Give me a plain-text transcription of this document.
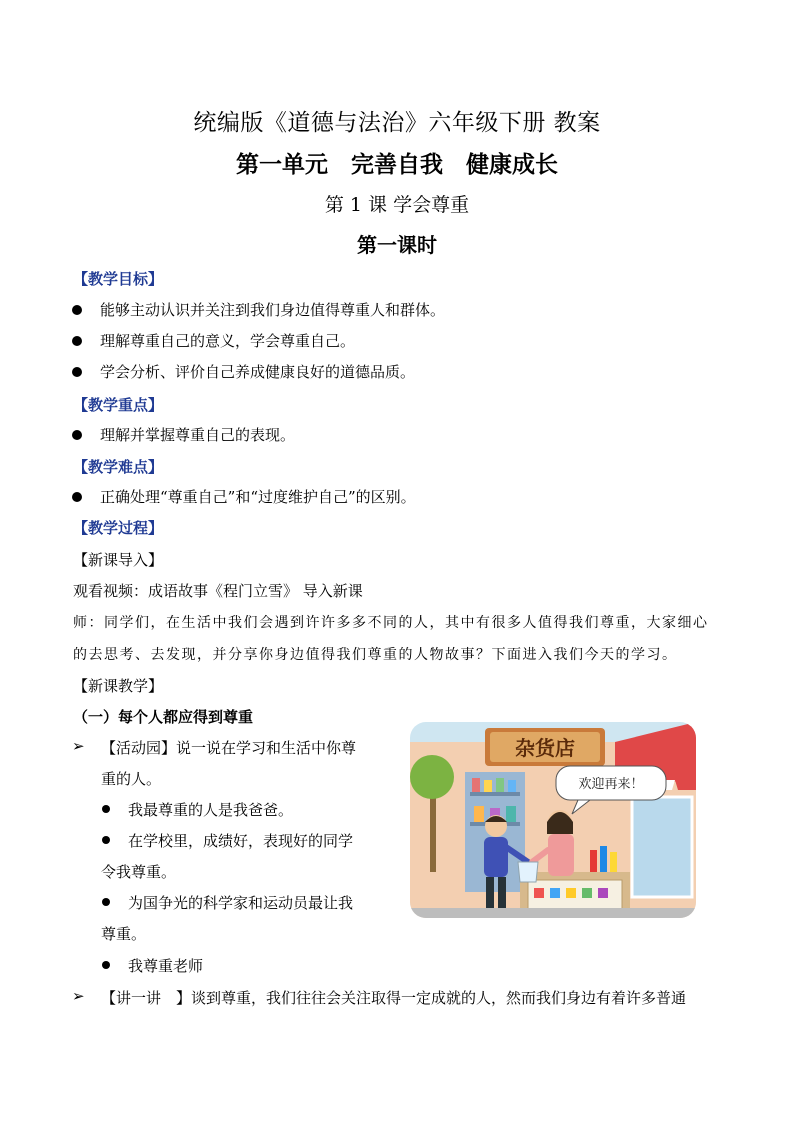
统编版《道德与法治》六年级下册 教案
第一单元　完善自我　健康成长
第 1 课 学会尊重
第一课时
【教学目标】
能够主动认识并关注到我们身边值得尊重人和群体。
理解尊重自己的意义，学会尊重自己。
学会分析、评价自己养成健康良好的道德品质。
【教学重点】
理解并掌握尊重自己的表现。
【教学难点】
正确处理“尊重自己”和“过度维护自己”的区别。
【教学过程】
【新课导入】
观看视频：成语故事《程门立雪》 导入新课
师：同学们，在生活中我们会遇到许许多多不同的人，其中有很多人值得我们尊重，大家细心
的去思考、去发现，并分享你身边值得我们尊重的人物故事？下面进入我们今天的学习。
【新课教学】
（一）每个人都应得到尊重
➢ 【活动园】说一说在学习和生活中你尊
重的人。
我最尊重的人是我爸爸。
在学校里，成绩好，表现好的同学
令我尊重。
为国争光的科学家和运动员最让我
尊重。
我尊重老师
➢ 【讲一讲　】谈到尊重，我们往往会关注取得一定成就的人，然而我们身边有着许多普通
杂货店
欢迎再来！
